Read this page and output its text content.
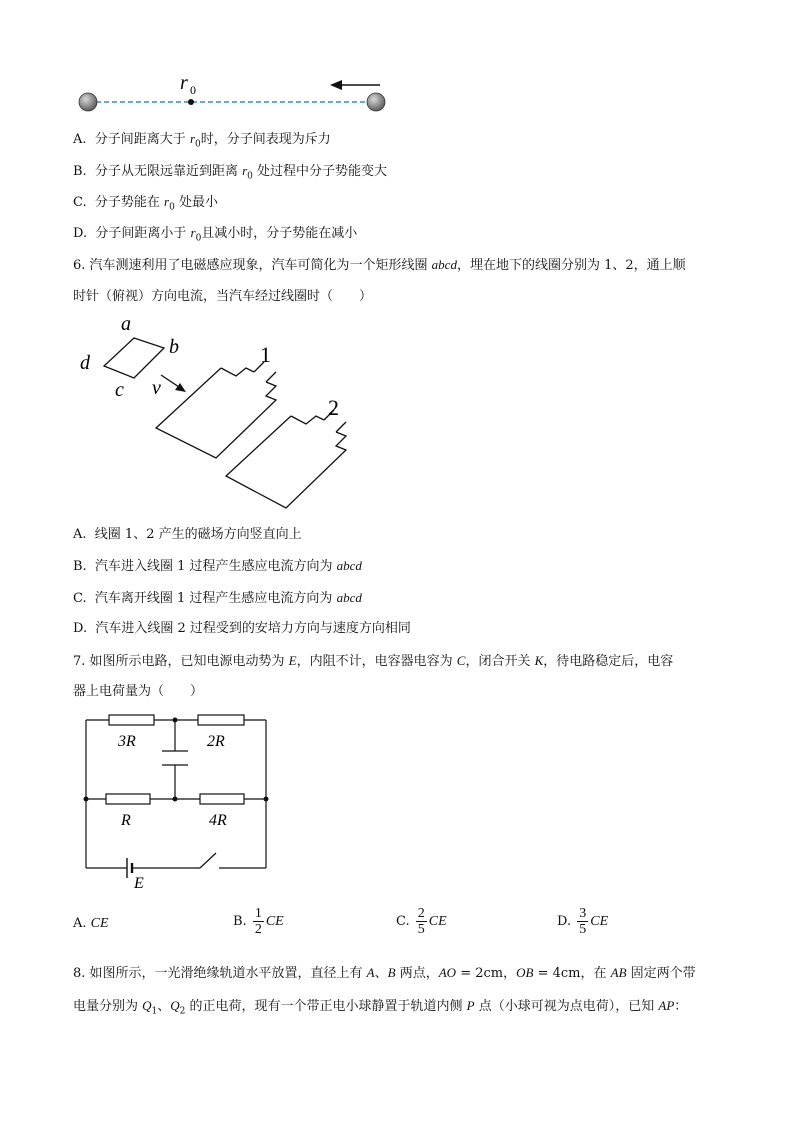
r 0
A. 分子间距离大于 $r_0$时，分子间表现为斥力
B. 分子从无限远靠近到距离 $r_0$ 处过程中分子势能变大
C. 分子势能在 $r_0$ 处最小
D. 分子间距离小于 $r_0$且减小时，分子势能在减小
6. 汽车测速利用了电磁感应现象，汽车可简化为一个矩形线圈 abcd，埋在地下的线圈分别为 1、2，通上顺
时针（俯视）方向电流，当汽车经过线圈时（　　）
a
b
c
d
v
1
2
A. 线圈 1、2 产生的磁场方向竖直向上
B. 汽车进入线圈 1 过程产生感应电流方向为 abcd
C. 汽车离开线圈 1 过程产生感应电流方向为 abcd
D. 汽车进入线圈 2 过程受到的安培力方向与速度方向相同
7. 如图所示电路，已知电源电动势为 E，内阻不计，电容器电容为 C，闭合开关 K，待电路稳定后，电容
器上电荷量为（　　）
3R	2R
R	4R
E
A. CE	B. $\frac{1}{2}$ CE	C. $\frac{2}{5}$ CE	D. $\frac{3}{5}$ CE
8. 如图所示，一光滑绝缘轨道水平放置，直径上有 A、B 两点，AO = 2cm，OB = 4cm，在 AB 固定两个带
电量分别为 $Q_1$、$Q_2$ 的正电荷，现有一个带正电小球静置于轨道内侧 P 点（小球可视为点电荷），已知 AP：
